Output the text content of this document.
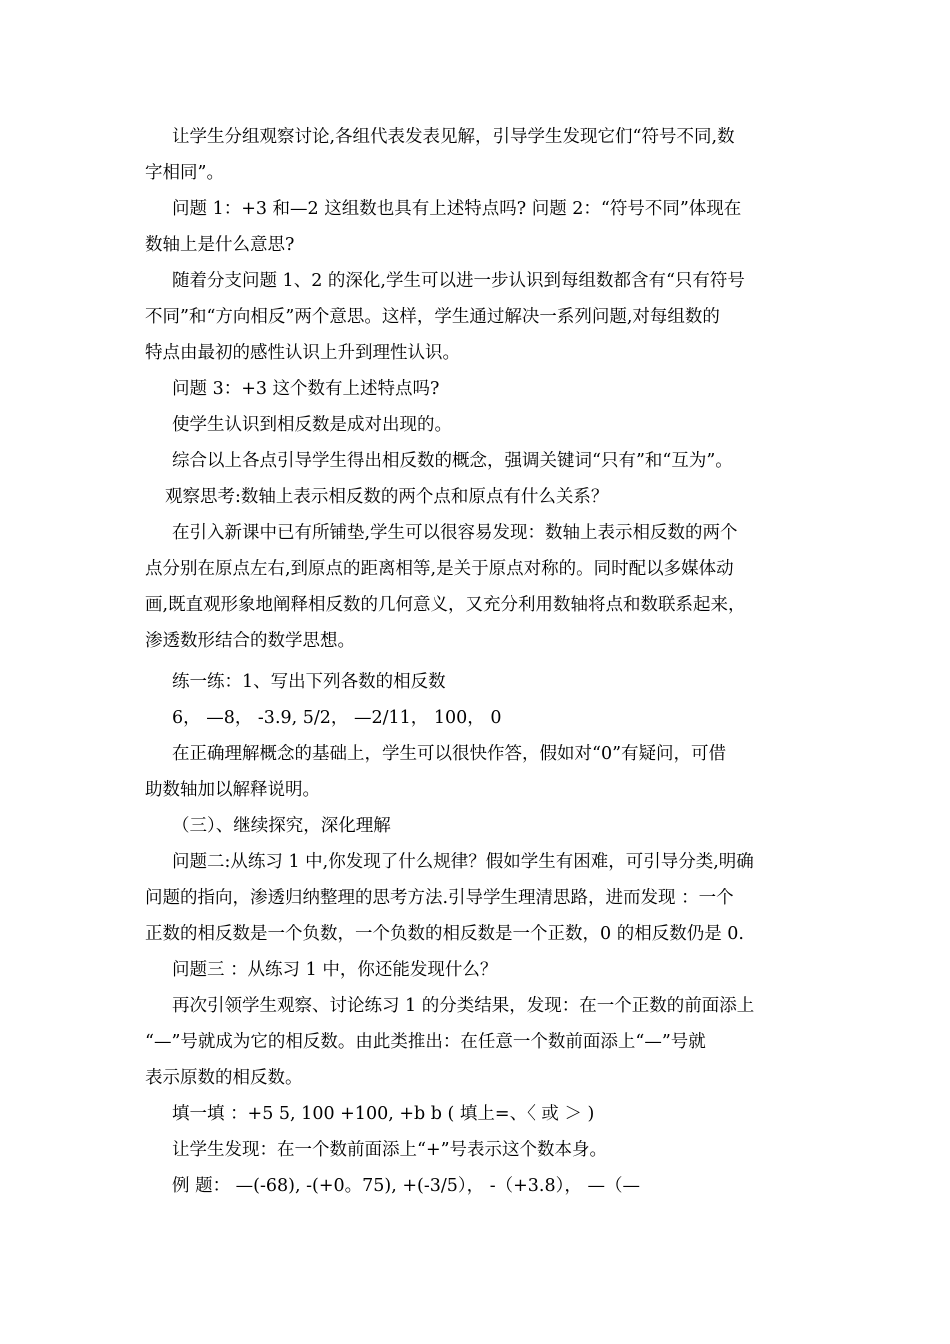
让学生分组观察讨论,各组代表发表见解，引导学生发现它们“符号不同,数
字相同”。
问题 1：+3 和—2 这组数也具有上述特点吗? 问题 2：“符号不同”体现在
数轴上是什么意思?
随着分支问题 1、2 的深化,学生可以进一步认识到每组数都含有“只有符号
不同”和“方向相反”两个意思。这样，学生通过解决一系列问题,对每组数的
特点由最初的感性认识上升到理性认识。
问题 3：+3 这个数有上述特点吗?
使学生认识到相反数是成对出现的。
综合以上各点引导学生得出相反数的概念，强调关键词“只有”和“互为”。
观察思考:数轴上表示相反数的两个点和原点有什么关系？
在引入新课中已有所铺垫,学生可以很容易发现：数轴上表示相反数的两个
点分别在原点左右,到原点的距离相等,是关于原点对称的。同时配以多媒体动
画,既直观形象地阐释相反数的几何意义，又充分利用数轴将点和数联系起来，
渗透数形结合的数学思想。
练一练：1、写出下列各数的相反数
6， —8， -3.9, 5/2， —2/11， 100， 0
在正确理解概念的基础上，学生可以很快作答，假如对“0”有疑问，可借
助数轴加以解释说明。
（三）、继续探究，深化理解
问题二:从练习 1 中,你发现了什么规律？假如学生有困难，可引导分类,明确
问题的指向，渗透归纳整理的思考方法.引导学生理清思路，进而发现 ：一个
正数的相反数是一个负数，一个负数的相反数是一个正数，0 的相反数仍是 0.
问题三 ：从练习 1 中，你还能发现什么？
再次引领学生观察、讨论练习 1 的分类结果，发现：在一个正数的前面添上
“—”号就成为它的相反数。由此类推出：在任意一个数前面添上“—”号就
表示原数的相反数。
填一填 ：+5 5, 100 +100, +b b ( 填上=、〈 或 ＞ )
让学生发现：在一个数前面添上“+”号表示这个数本身。
例 题： —(-68), -(+0。75), +(-3/5）， -（+3.8）， —（—
